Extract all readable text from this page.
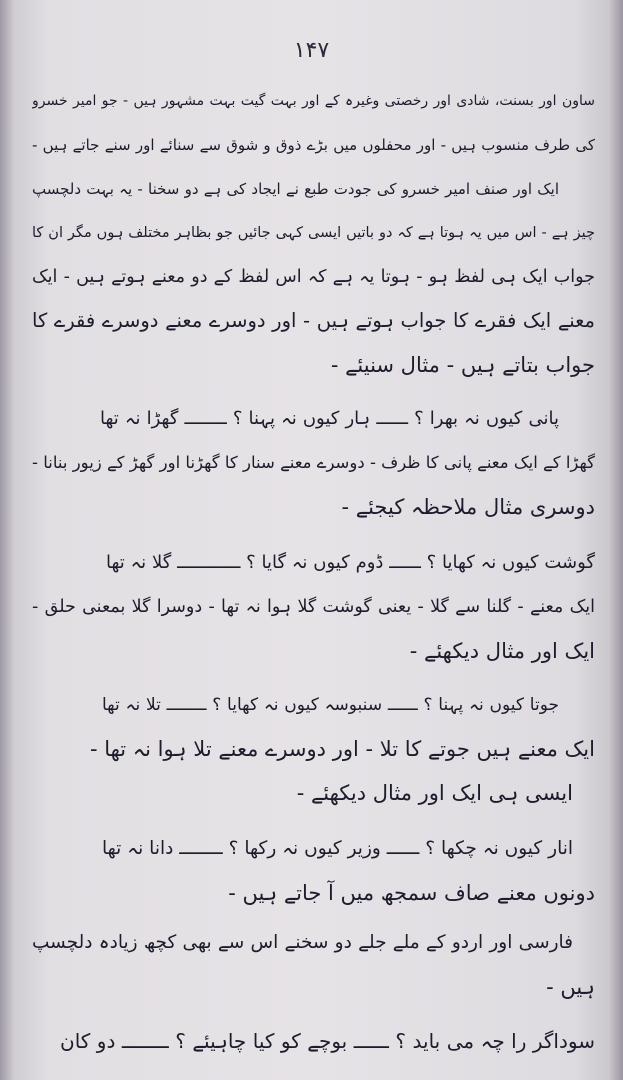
۱۴۷
ساون اور بسنت، شادی اور رخصتی وغیرہ کے اور بہت گیت بہت مشہور ہیں - جو امیر خسرو
کی طرف منسوب ہیں - اور محفلوں میں بڑے ذوق و شوق سے سنائے اور سنے جاتے ہیں -
ایک اور صنف امیر خسرو کی جودت طبع نے ایجاد کی ہے دو سخنا - یہ بہت دلچسپ
چیز ہے - اس میں یہ ہوتا ہے کہ دو باتیں ایسی کہی جائیں جو بظاہر مختلف ہوں مگر ان کا
جواب ایک ہی لفظ ہو - ہوتا یہ ہے کہ اس لفظ کے دو معنے ہوتے ہیں - ایک
معنے ایک فقرے کا جواب ہوتے ہیں - اور دوسرے معنے دوسرے فقرے کا
جواب بتاتے ہیں - مثال سنیئے -
پانی کیوں نہ بھرا ؟ ــــــ ہار کیوں نہ پہنا ؟ ــــــــ گھڑا نہ تھا
گھڑا کے ایک معنے پانی کا ظرف - دوسرے معنے سنار کا گھڑنا اور گھڑ کے زیور بنانا -
دوسری مثال ملاحظہ کیجئے -
گوشت کیوں نہ کھایا ؟ ــــــ ڈوم کیوں نہ گایا ؟ ــــــــــــ گلا نہ تھا
ایک معنے - گلنا سے گلا - یعنی گوشت گلا ہوا نہ تھا - دوسرا گلا بمعنی حلق -
ایک اور مثال دیکھئے -
جوتا کیوں نہ پہنا ؟ ــــــ سنبوسہ کیوں نہ کھایا ؟ ــــــــ تلا نہ تھا
ایک معنے ہیں جوتے کا تلا - اور دوسرے معنے تلا ہوا نہ تھا -
ایسی ہی ایک اور مثال دیکھئے -
انار کیوں نہ چکھا ؟ ــــــ وزیر کیوں نہ رکھا ؟ ــــــــ دانا نہ تھا
دونوں معنے صاف سمجھ میں آ جاتے ہیں -
فارسی اور اردو کے ملے جلے دو سخنے اس سے بھی کچھ زیادہ دلچسپ
ہیں -
سوداگر را چہ می باید ؟ ــــــ بوچے کو کیا چاہیئے ؟ ــــــــ دو کان
